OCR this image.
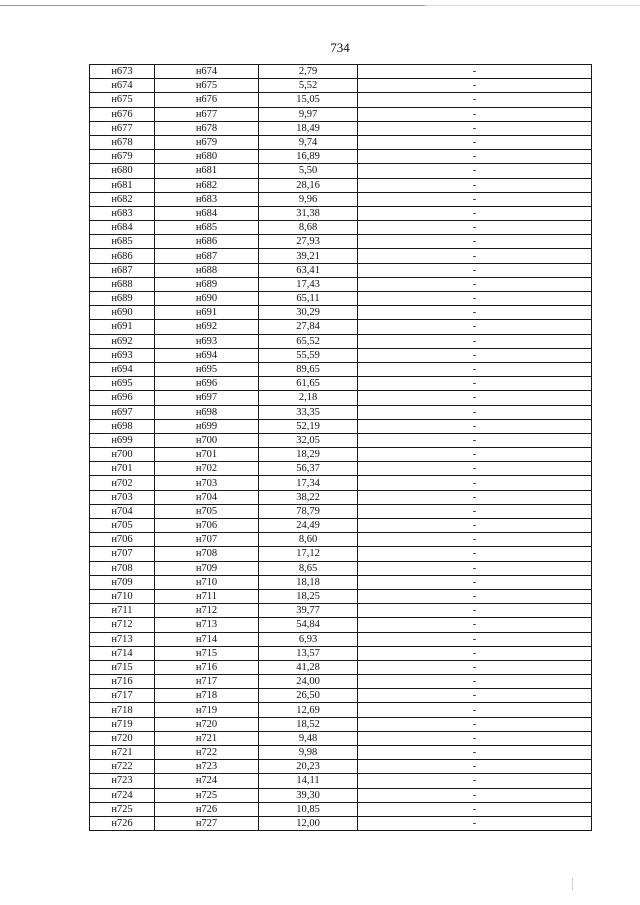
734
н673	н674	2,79	-
н674	н675	5,52	-
н675	н676	15,05	-
н676	н677	9,97	-
н677	н678	18,49	-
н678	н679	9,74	-
н679	н680	16,89	-
н680	н681	5,50	-
н681	н682	28,16	-
н682	н683	9,96	-
н683	н684	31,38	-
н684	н685	8,68	-
н685	н686	27,93	-
н686	н687	39,21	-
н687	н688	63,41	-
н688	н689	17,43	-
н689	н690	65,11	-
н690	н691	30,29	-
н691	н692	27,84	-
н692	н693	65,52	-
н693	н694	55,59	-
н694	н695	89,65	-
н695	н696	61,65	-
н696	н697	2,18	-
н697	н698	33,35	-
н698	н699	52,19	-
н699	н700	32,05	-
н700	н701	18,29	-
н701	н702	56,37	-
н702	н703	17,34	-
н703	н704	38,22	-
н704	н705	78,79	-
н705	н706	24,49	-
н706	н707	8,60	-
н707	н708	17,12	-
н708	н709	8,65	-
н709	н710	18,18	-
н710	н711	18,25	-
н711	н712	39,77	-
н712	н713	54,84	-
н713	н714	6,93	-
н714	н715	13,57	-
н715	н716	41,28	-
н716	н717	24,00	-
н717	н718	26,50	-
н718	н719	12,69	-
н719	н720	18,52	-
н720	н721	9,48	-
н721	н722	9,98	-
н722	н723	20,23	-
н723	н724	14,11	-
н724	н725	39,30	-
н725	н726	10,85	-
н726	н727	12,00	-
